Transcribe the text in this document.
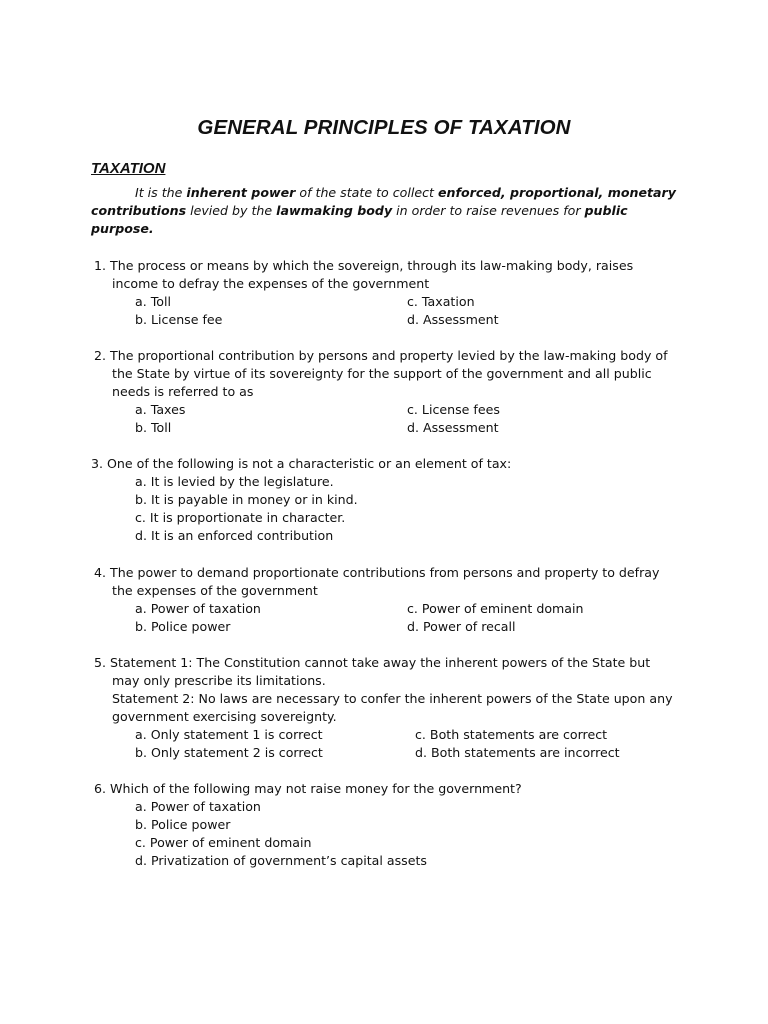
GENERAL PRINCIPLES OF TAXATION
TAXATION
It is the inherent power of the state to collect enforced, proportional, monetary contributions levied by the lawmaking body in order to raise revenues for public purpose.
1. The process or means by which the sovereign, through its law-making body, raises
income to defray the expenses of the government
a. Toll	c. Taxation
b. License fee	d. Assessment
2. The proportional contribution by persons and property levied by the law-making body of
the State by virtue of its sovereignty for the support of the government and all public
needs is referred to as
a. Taxes	c. License fees
b. Toll	d. Assessment
3. One of the following is not a characteristic or an element of tax:
a. It is levied by the legislature.
b. It is payable in money or in kind.
c. It is proportionate in character.
d. It is an enforced contribution
4. The power to demand proportionate contributions from persons and property to defray
the expenses of the government
a. Power of taxation	c. Power of eminent domain
b. Police power	d. Power of recall
5. Statement 1: The Constitution cannot take away the inherent powers of the State but
may only prescribe its limitations.
Statement 2: No laws are necessary to confer the inherent powers of the State upon any
government exercising sovereignty.
a. Only statement 1 is correct	c. Both statements are correct
b. Only statement 2 is correct	d. Both statements are incorrect
6. Which of the following may not raise money for the government?
a. Power of taxation
b. Police power
c. Power of eminent domain
d. Privatization of government’s capital assets
